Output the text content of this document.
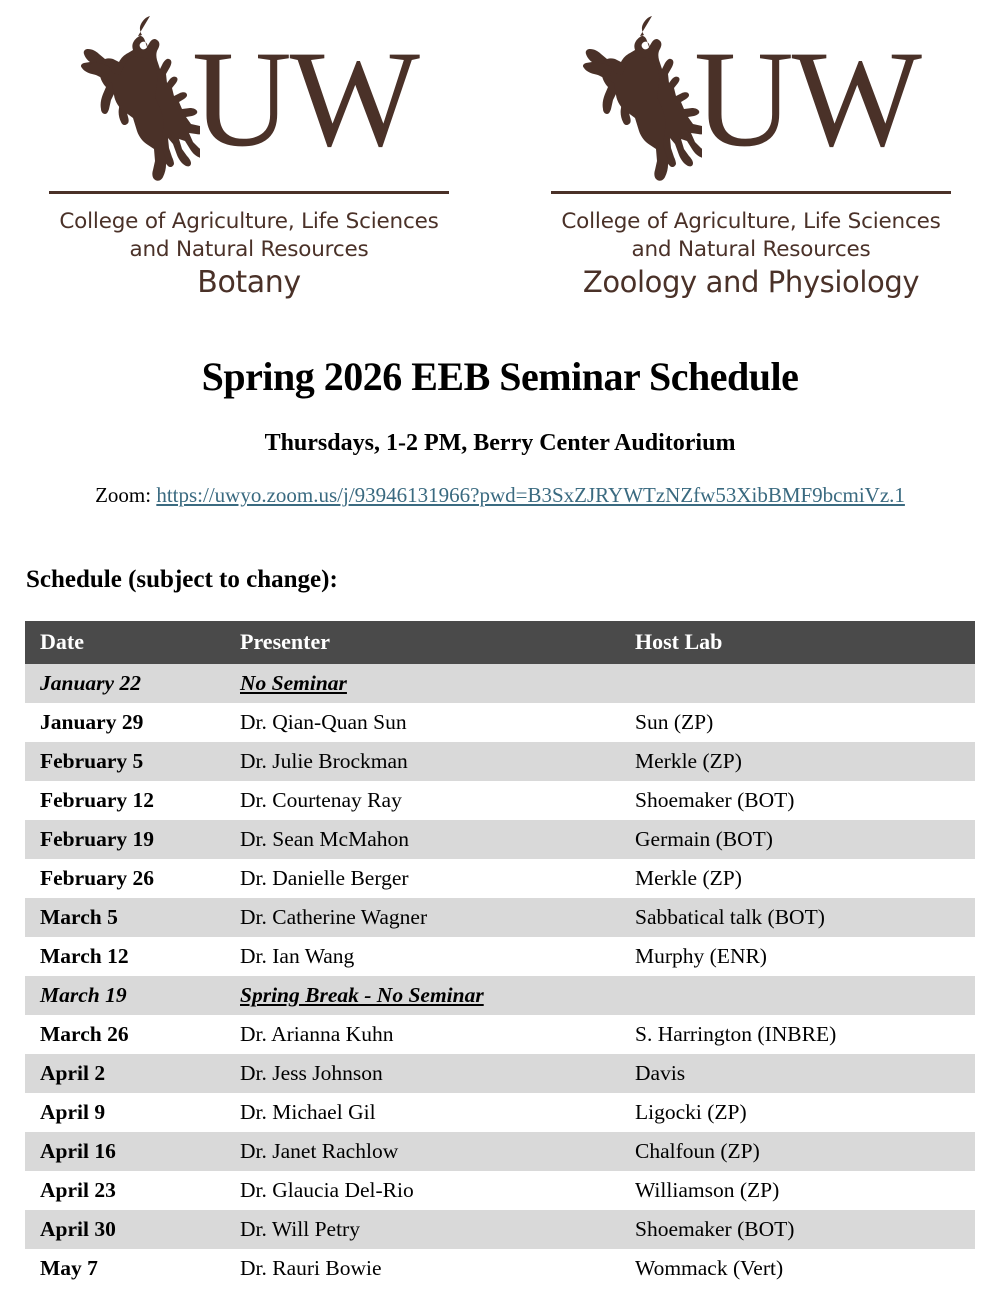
UW
College of Agriculture, Life Sciences
and Natural Resources
Botany
UW
College of Agriculture, Life Sciences
and Natural Resources
Zoology and Physiology
Spring 2026 EEB Seminar Schedule
Thursdays, 1-2 PM, Berry Center Auditorium
Zoom: https://uwyo.zoom.us/j/93946131966?pwd=B3SxZJRYWTzNZfw53XibBMF9bcmiVz.1
Schedule (subject to change):
Date	Presenter	Host Lab
January 22	No Seminar	
January 29	Dr. Qian-Quan Sun	Sun (ZP)
February 5	Dr. Julie Brockman	Merkle (ZP)
February 12	Dr. Courtenay Ray	Shoemaker (BOT)
February 19	Dr. Sean McMahon	Germain (BOT)
February 26	Dr. Danielle Berger	Merkle (ZP)
March 5	Dr. Catherine Wagner	Sabbatical talk (BOT)
March 12	Dr. Ian Wang	Murphy (ENR)
March 19	Spring Break - No Seminar	
March 26	Dr. Arianna Kuhn	S. Harrington (INBRE)
April 2	Dr. Jess Johnson	Davis
April 9	Dr. Michael Gil	Ligocki (ZP)
April 16	Dr. Janet Rachlow	Chalfoun (ZP)
April 23	Dr. Glaucia Del-Rio	Williamson (ZP)
April 30	Dr. Will Petry	Shoemaker (BOT)
May 7	Dr. Rauri Bowie	Wommack (Vert)
